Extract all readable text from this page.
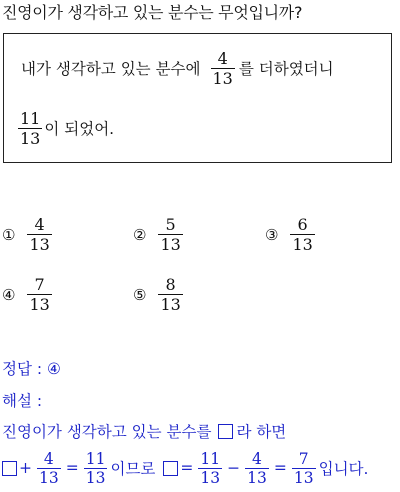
진영이가 생각하고 있는 분수는 무엇입니까?
내가 생각하고 있는 분수에 $\frac{4}{13}$ 를 더하였더니
$\frac{11}{13}$ 이 되었어.
① $\frac{4}{13}$	② $\frac{5}{13}$	③ $\frac{6}{13}$
④ $\frac{7}{13}$	⑤ $\frac{8}{13}$
정답 : ④
해설 :
진영이가 생각하고 있는 분수를 라 하면
+ $\frac{4}{13} = \frac{11}{13}$ 이므로 = $\frac{11}{13} - \frac{4}{13} = \frac{7}{13}$ 입니다.
